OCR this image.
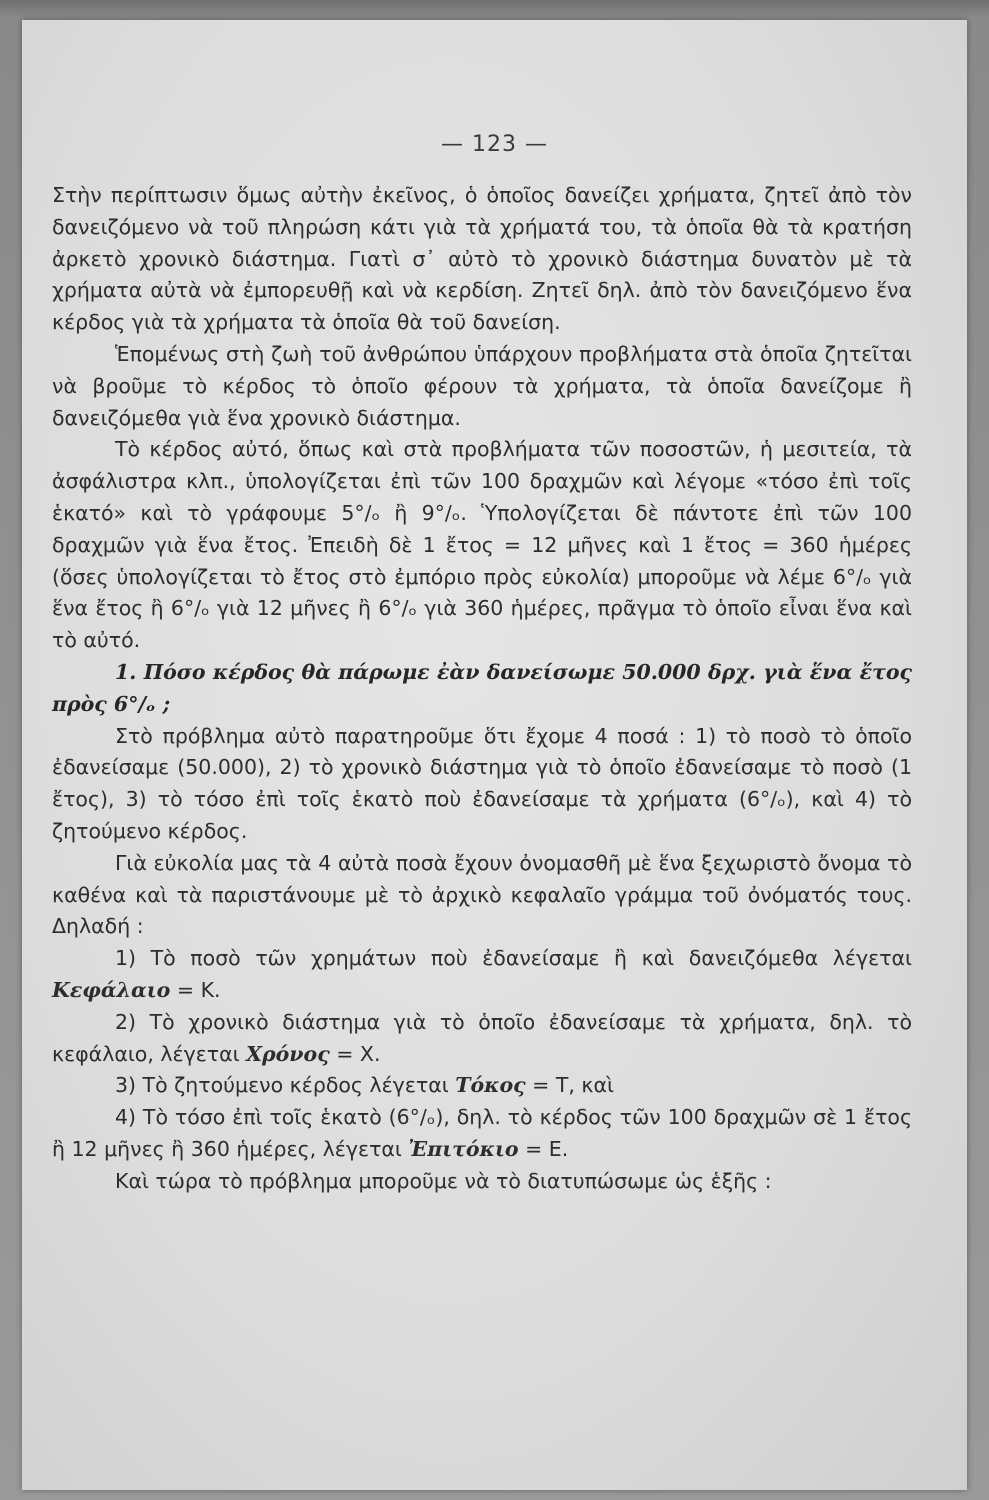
— 123 —

Στὴν περίπτωσιν ὅμως αὐτὴν ἐκεῖνος, ὁ ὁποῖος δανείζει χρήματα, ζητεῖ ἀπὸ τὸν δανειζόμενο νὰ τοῦ πληρώση κάτι γιὰ τὰ χρήματά του, τὰ ὁποῖα θὰ τὰ κρατήση ἀρκετὸ χρονικὸ διάστημα. Γιατὶ σ᾽ αὐτὸ τὸ χρονικὸ διάστημα δυνατὸν μὲ τὰ χρήματα αὐτὰ νὰ ἐμπορευθῇ καὶ νὰ κερδίση. Ζητεῖ δηλ. ἀπὸ τὸν δανειζόμενο ἕνα κέρδος γιὰ τὰ χρήματα τὰ ὁποῖα θὰ τοῦ δανείση.

Ἑπομένως στὴ ζωὴ τοῦ ἀνθρώπου ὑπάρχουν προβλήματα στὰ ὁποῖα ζητεῖται νὰ βροῦμε τὸ κέρδος τὸ ὁποῖο φέρουν τὰ χρήματα, τὰ ὁποῖα δανείζομε ἢ δανειζόμεθα γιὰ ἕνα χρονικὸ διάστημα.

Τὸ κέρδος αὐτό, ὅπως καὶ στὰ προβλήματα τῶν ποσοστῶν, ἡ μεσιτεία, τὰ ἀσφάλιστρα κλπ., ὑπολογίζεται ἐπὶ τῶν 100 δραχμῶν καὶ λέγομε «τόσο ἐπὶ τοῖς ἑκατό» καὶ τὸ γράφουμε 5°/ₒ ἢ 9°/ₒ. Ὑπολογίζεται δὲ πάντοτε ἐπὶ τῶν 100 δραχμῶν γιὰ ἕνα ἔτος. Ἐπειδὴ δὲ 1 ἔτος = 12 μῆνες καὶ 1 ἔτος = 360 ἡμέρες (ὅσες ὑπολογίζεται τὸ ἔτος στὸ ἐμπόριο πρὸς εὐκολία) μποροῦμε νὰ λέμε 6°/ₒ γιὰ ἕνα ἔτος ἢ 6°/ₒ γιὰ 12 μῆνες ἢ 6°/ₒ γιὰ 360 ἡμέρες, πρᾶγμα τὸ ὁποῖο εἶναι ἕνα καὶ τὸ αὐτό.

1. Πόσο κέρδος θὰ πάρωμε ἐὰν δανείσωμε 50.000 δρχ. γιὰ ἕνα ἔτος πρὸς 6°/ₒ ;

Στὸ πρόβλημα αὐτὸ παρατηροῦμε ὅτι ἔχομε 4 ποσά : 1) τὸ ποσὸ τὸ ὁποῖο ἐδανείσαμε (50.000), 2) τὸ χρονικὸ διάστημα γιὰ τὸ ὁποῖο ἐδανείσαμε τὸ ποσὸ (1 ἔτος), 3) τὸ τόσο ἐπὶ τοῖς ἑκατὸ ποὺ ἐδανείσαμε τὰ χρήματα (6°/ₒ), καὶ 4) τὸ ζητούμενο κέρδος.

Γιὰ εὐκολία μας τὰ 4 αὐτὰ ποσὰ ἔχουν ὀνομασθῆ μὲ ἕνα ξεχωριστὸ ὄνομα τὸ καθένα καὶ τὰ παριστάνουμε μὲ τὸ ἀρχικὸ κεφαλαῖο γράμμα τοῦ ὀνόματός τους. Δηλαδή :

1) Τὸ ποσὸ τῶν χρημάτων ποὺ ἐδανείσαμε ἢ καὶ δανειζόμεθα λέγεται Κεφάλαιο = Κ.

2) Τὸ χρονικὸ διάστημα γιὰ τὸ ὁποῖο ἐδανείσαμε τὰ χρήματα, δηλ. τὸ κεφάλαιο, λέγεται Χρόνος = Χ.

3) Τὸ ζητούμενο κέρδος λέγεται Τόκος = Τ, καὶ

4) Τὸ τόσο ἐπὶ τοῖς ἑκατὸ (6°/ₒ), δηλ. τὸ κέρδος τῶν 100 δραχμῶν σὲ 1 ἔτος ἢ 12 μῆνες ἢ 360 ἡμέρες, λέγεται Ἐπιτόκιο = Ε.

Καὶ τώρα τὸ πρόβλημα μποροῦμε νὰ τὸ διατυπώσωμε ὡς ἑξῆς :
